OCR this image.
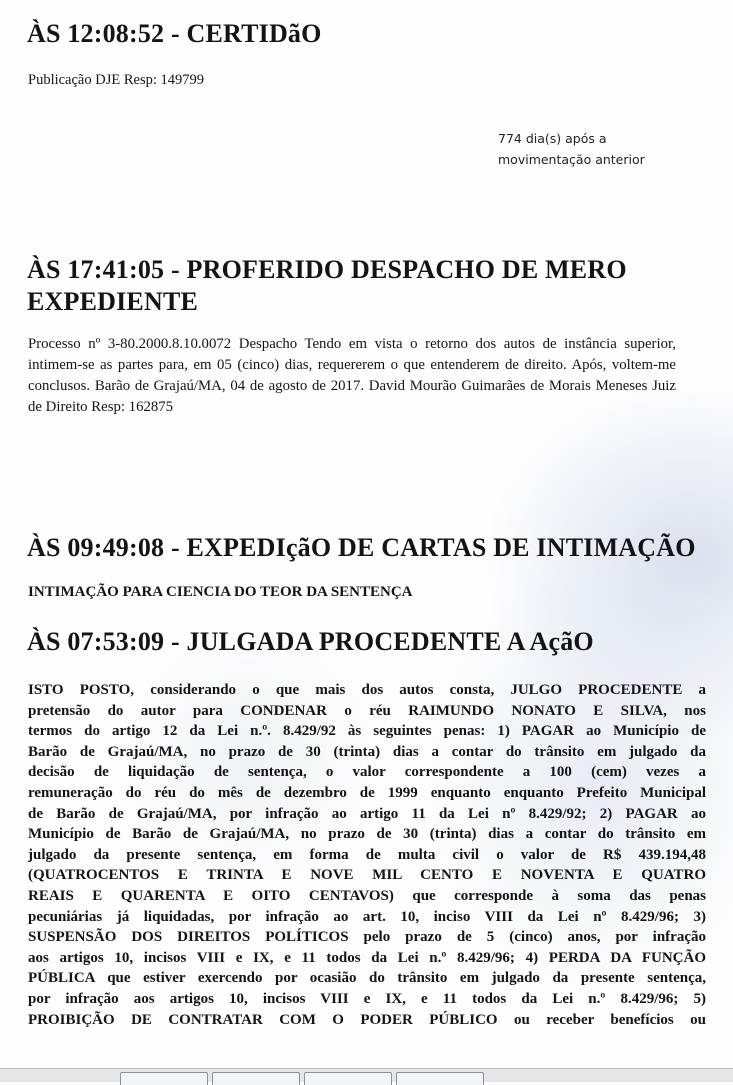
ÀS 12:08:52 - CERTIDãO

Publicação DJE Resp: 149799

774 dia(s) após a
movimentação anterior
ÀS 17:41:05 - PROFERIDO DESPACHO DE MERO
EXPEDIENTE

Processo nº 3-80.2000.8.10.0072 Despacho Tendo em vista o retorno dos autos de instância superior, intimem-se as partes para, em 05 (cinco) dias, requererem o que entenderem de direito. Após, voltem-me conclusos. Barão de Grajaú/MA, 04 de agosto de 2017. David Mourão Guimarães de Morais Meneses Juiz de Direito Resp: 162875

ÀS 09:49:08 - EXPEDIçãO DE CARTAS DE INTIMAÇÃO

INTIMAÇÃO PARA CIENCIA DO TEOR DA SENTENÇA

ÀS 07:53:09 - JULGADA PROCEDENTE A AçãO
ISTO POSTO, considerando o que mais dos autos consta, JULGO PROCEDENTE a
pretensão do autor para CONDENAR o réu RAIMUNDO NONATO E SILVA, nos
termos do artigo 12 da Lei n.º. 8.429/92 às seguintes penas: 1) PAGAR ao Município de
Barão de Grajaú/MA, no prazo de 30 (trinta) dias a contar do trânsito em julgado da
decisão de liquidação de sentença, o valor correspondente a 100 (cem) vezes a
remuneração do réu do mês de dezembro de 1999 enquanto enquanto Prefeito Municipal
de Barão de Grajaú/MA, por infração ao artigo 11 da Lei nº 8.429/92; 2) PAGAR ao
Município de Barão de Grajaú/MA, no prazo de 30 (trinta) dias a contar do trânsito em
julgado da presente sentença, em forma de multa civil o valor de R$ 439.194,48
(QUATROCENTOS E TRINTA E NOVE MIL CENTO E NOVENTA E QUATRO
REAIS E QUARENTA E OITO CENTAVOS) que corresponde à soma das penas
pecuniárias já liquidadas, por infração ao art. 10, inciso VIII da Lei nº 8.429/96; 3)
SUSPENSÃO DOS DIREITOS POLÍTICOS pelo prazo de 5 (cinco) anos, por infração
aos artigos 10, incisos VIII e IX, e 11 todos da Lei n.º 8.429/96; 4) PERDA DA FUNÇÃO
PÚBLICA que estiver exercendo por ocasião do trânsito em julgado da presente sentença,
por infração aos artigos 10, incisos VIII e IX, e 11 todos da Lei n.º 8.429/96; 5)
PROIBIÇÃO DE CONTRATAR COM O PODER PÚBLICO ou receber benefícios ou
